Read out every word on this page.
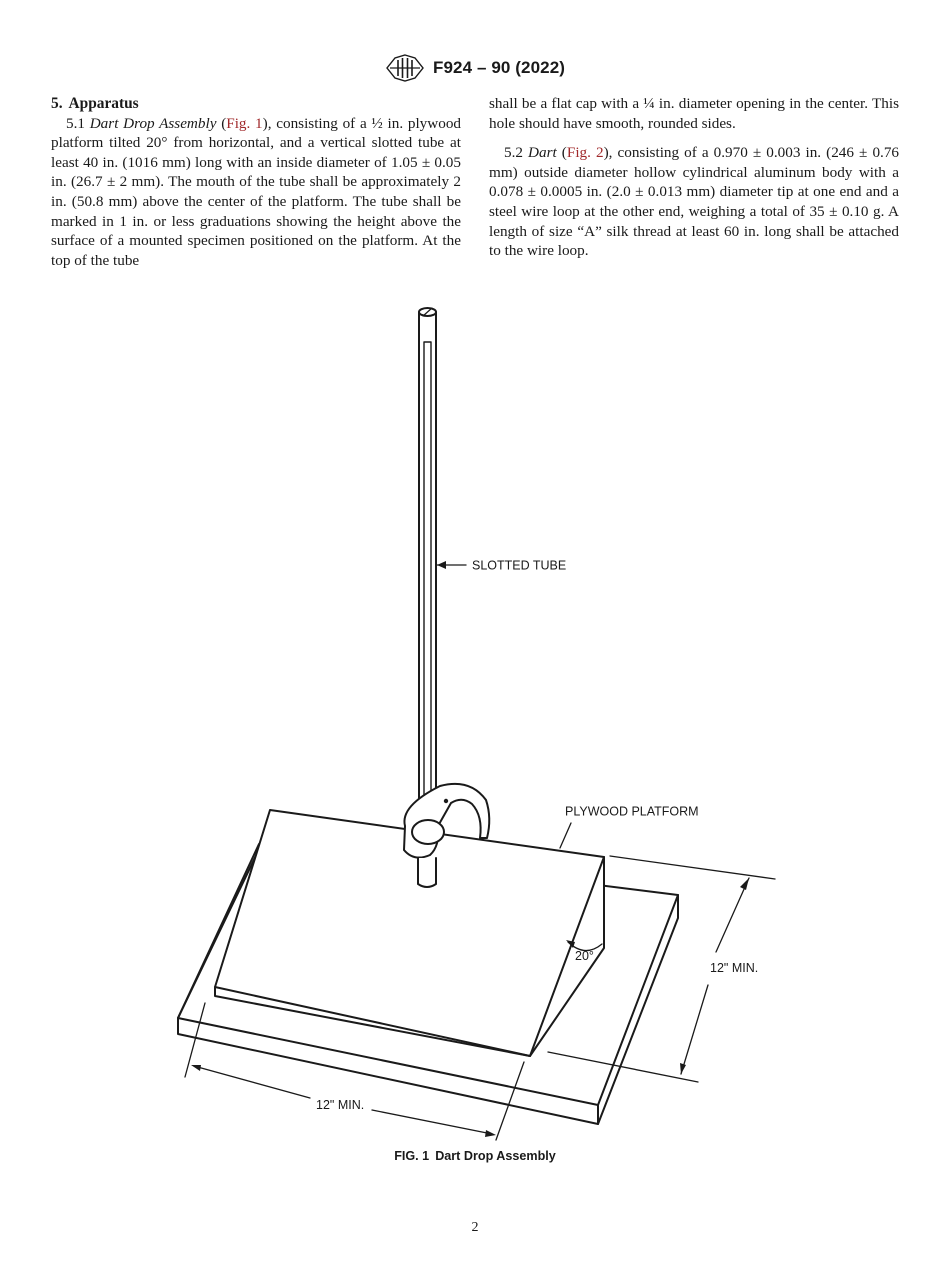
F924 – 90 (2022)

5. Apparatus

5.1 Dart Drop Assembly (Fig. 1), consisting of a ½ in. plywood platform tilted 20° from horizontal, and a vertical slotted tube at least 40 in. (1016 mm) long with an inside diameter of 1.05 ± 0.05 in. (26.7 ± 2 mm). The mouth of the tube shall be approximately 2 in. (50.8 mm) above the center of the platform. The tube shall be marked in 1 in. or less graduations showing the height above the surface of a mounted specimen positioned on the platform. At the top of the tube

shall be a flat cap with a ¼ in. diameter opening in the center. This hole should have smooth, rounded sides.

5.2 Dart (Fig. 2), consisting of a 0.970 ± 0.003 in. (246 ± 0.76 mm) outside diameter hollow cylindrical aluminum body with a 0.078 ± 0.0005 in. (2.0 ± 0.013 mm) diameter tip at one end and a steel wire loop at the other end, weighing a total of 35 ± 0.10 g. A length of size “A” silk thread at least 60 in. long shall be attached to the wire loop.

SLOTTED TUBE
PLYWOOD PLATFORM
20°
12" MIN.
12" MIN.
FIG. 1 Dart Drop Assembly
2
